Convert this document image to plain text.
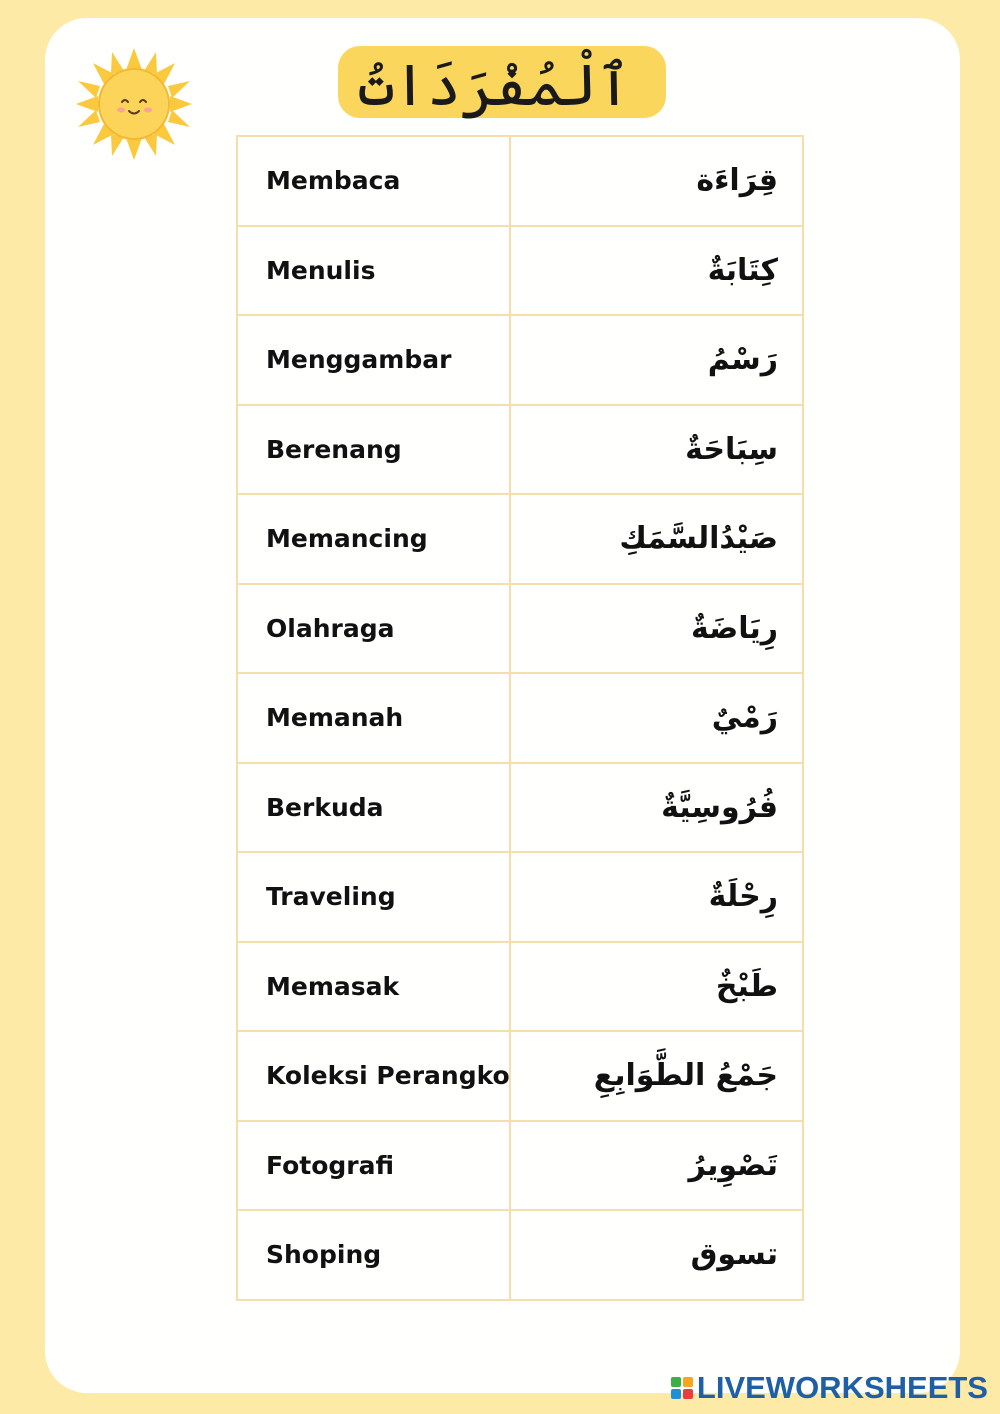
ٱلْمُفْرَدَاتُ
Membaca	قِرَاءَة
Menulis	كِتَابَةٌ
Menggambar	رَسْمُ
Berenang	سِبَاحَةٌ
Memancing	صَيْدُالسَّمَكِ
Olahraga	رِيَاضَةٌ
Memanah	رَمْيٌ
Berkuda	فُرُوسِيَّةٌ
Traveling	رِحْلَةٌ
Memasak	طَبْخٌ
Koleksi Perangko	جَمْعُ الطَّوَابِعِ
Fotografi	تَصْوِيرُ
Shoping	تسوق
LIVEWORKSHEETS
